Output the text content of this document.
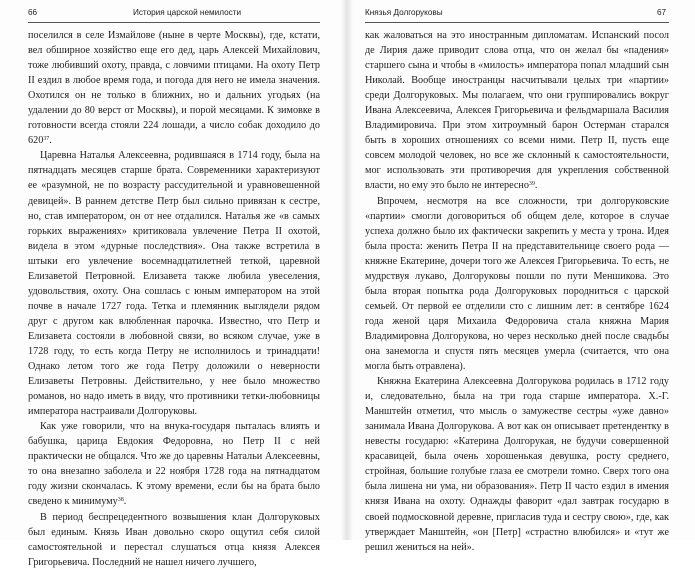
66	История царской немилости

поселился в селе Измайлове (ныне в черте Москвы), где, кстати, вел обширное хозяйство еще его дед, царь Алексей Михайлович, тоже любивший охоту, правда, с ловчими птицами. На охоту Петр II ездил в любое время года, и погода для него не имела значения. Охотился он не только в ближних, но и дальних угодьях (на удалении до 80 верст от Москвы), и порой месяцами. К зимовке в готовности всегда стояли 224 лошади, а число собак доходило до $620^{37}$.

Царевна Наталья Алексеевна, родившаяся в 1714 году, была на пятнадцать месяцев старше брата. Современники характеризуют ее «разумной, не по возрасту рассудительной и уравновешенной девицей». В раннем детстве Петр был сильно привязан к сестре, но, став императором, он от нее отдалился. Наталья же «в самых горьких выражениях» критиковала увлечение Петра II охотой, видела в этом «дурные последствия». Она также встретила в штыки его увлечение восемнадцатилетней теткой, царевной Елизаветой Петровной. Елизавета также любила увеселения, удовольствия, охоту. Она сошлась с юным императором на этой почве в начале 1727 года. Тетка и племянник выглядели рядом друг с другом как влюбленная парочка. Известно, что Петр и Елизавета состояли в любовной связи, во всяком случае, уже в 1728 году, то есть когда Петру не исполнилось и тринадцати! Однако летом того же года Петру доложили о неверности Елизаветы Петровны. Действительно, у нее было множество романов, но надо иметь в виду, что противники тетки-любовницы императора настраивали Долгоруковы.

Как уже говорили, что на внука-государя пыталась влиять и бабушка, царица Евдокия Федоровна, но Петр II с ней практически не общался. Что же до царевны Натальи Алексеевны, то она внезапно заболела и 22 ноября 1728 года на пятнадцатом году жизни скончалась. К этому времени, если бы на брата было сведено к минимуму$^{38}$.

В период беспрецедентного возвышения клан Долгоруковых был единым. Князь Иван довольно скоро ощутил себя силой самостоятельной и перестал слушаться отца князя Алексея Григорьевича. Последний не нашел ничего лучшего,

Князья Долгоруковы	67

как жаловаться на это иностранным дипломатам. Испанский посол де Лирия даже приводит слова отца, что он желал бы «падения» старшего сына и чтобы в «милость» императора попал младший сын Николай. Вообще иностранцы насчитывали целых три «партии» среди Долгоруковых. Мы полагаем, что они группировались вокруг Ивана Алексеевича, Алексея Григорьевича и фельдмаршала Василия Владимировича. При этом хитроумный барон Остерман старался быть в хороших отношениях со всеми ними. Петр II, пусть еще совсем молодой человек, но все же склонный к самостоятельности, мог использовать эти противоречия для укрепления собственной власти, но ему это было не интересно$^{39}$.

Впрочем, несмотря на все сложности, три долгоруковские «партии» смогли договориться об общем деле, которое в случае успеха должно было их фактически закрепить у места у трона. Идея была проста: женить Петра II на представительнице своего рода — княжне Екатерине, дочери того же Алексея Григорьевича. То есть, не мудрствуя лукаво, Долгоруковы пошли по пути Меншикова. Это была вторая попытка рода Долгоруковых породниться с царской семьей. От первой ее отделили сто с лишним лет: в сентябре 1624 года женой царя Михаила Федоровича стала княжна Мария Владимировна Долгорукова, но через несколько дней после свадьбы она занемогла и спустя пять месяцев умерла (считается, что она могла быть отравлена).

Княжна Екатерина Алексеевна Долгорукова родилась в 1712 году и, следовательно, была на три года старше императора. Х.-Г. Манштейн отметил, что мысль о замужестве сестры «уже давно» занимала Ивана Долгорукова. А вот как он описывает претендентку в невесты государю: «Катерина Долгорукая, не будучи совершенной красавицей, была очень хорошенькая девушка, росту среднего, стройная, большие голубые глаза ее смотрели томно. Сверх того она была лишена ни ума, ни образования». Петр II часто ездил в имения князя Ивана на охоту. Однажды фаворит «дал завтрак государю в своей подмосковной деревне, пригласив туда и сестру свою», где, как утверждает Манштейн, «он [Петр] «страстно влюбился» и «тут же решил жениться на ней».
